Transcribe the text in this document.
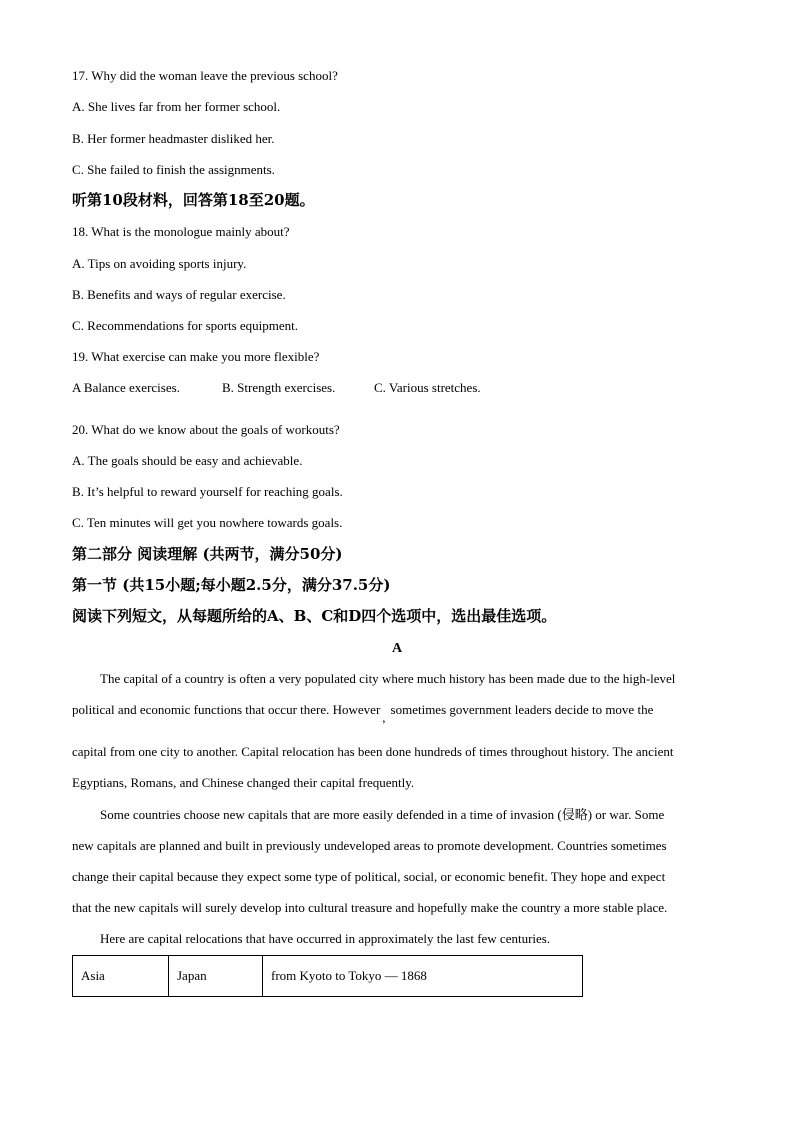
17. Why did the woman leave the previous school?
A. She lives far from her former school.
B. Her former headmaster disliked her.
C. She failed to finish the assignments.
听第10段材料，回答第18至20题。
18. What is the monologue mainly about?
A. Tips on avoiding sports injury.
B. Benefits and ways of regular exercise.
C. Recommendations for sports equipment.
19. What exercise can make you more flexible?
A Balance exercises.	B. Strength exercises.	C. Various stretches.
20. What do we know about the goals of workouts?
A. The goals should be easy and achievable.
B. It’s helpful to reward yourself for reaching goals.
C. Ten minutes will get you nowhere towards goals.
第二部分 阅读理解 (共两节，满分50分)
第一节 (共15小题;每小题2.5分，满分37.5分)
阅读下列短文，从每题所给的A、B、C和D四个选项中，选出最佳选项。
A
The capital of a country is often a very populated city where much history has been made due to the high-level
political and economic functions that occur there. However,sometimes government leaders decide to move the
capital from one city to another. Capital relocation has been done hundreds of times throughout history. The ancient
Egyptians, Romans, and Chinese changed their capital frequently.
Some countries choose new capitals that are more easily defended in a time of invasion (侵略) or war. Some
new capitals are planned and built in previously undeveloped areas to promote development. Countries sometimes
change their capital because they expect some type of political, social, or economic benefit. They hope and expect
that the new capitals will surely develop into cultural treasure and hopefully make the country a more stable place.
Here are capital relocations that have occurred in approximately the last few centuries.
Asia	Japan	from Kyoto to Tokyo — 1868
